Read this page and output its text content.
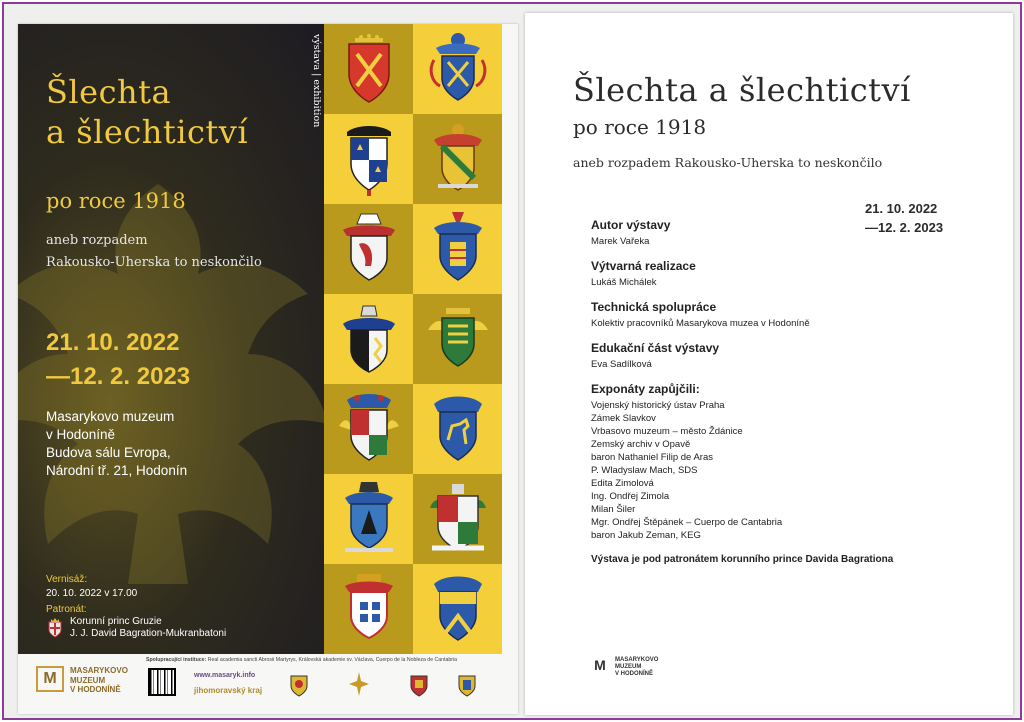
Šlechta
a šlechtictví
po roce 1918
aneb rozpadem
Rakousko-Uherska to neskončilo
21. 10. 2022
—12. 2. 2023
Masarykovo muzeum
v Hodoníně
Budova sálu Evropa,
Národní tř. 21, Hodonín
Vernisáž:
20. 10. 2022 v 17.00
Patronát:
Korunní princ Gruzie
J. J. David Bagration-Mukranbatoni
výstava | exhibition
M	MASARYKOVO
MUZEUM
V HODONÍNĚ
Spolupracující instituce: Real academia sancti Abrosii Martyrys, Královská akademie sv. Václava, Cuerpo de la Nobleza de Cantabria
www.masaryk.info
jihomoravský kraj
Šlechta a šlechtictví
po roce 1918
aneb rozpadem Rakousko-Uherska to neskončilo
21. 10. 2022
—12. 2. 2023
Autor výstavy
Marek Vařeka
Výtvarná realizace
Lukáš Michálek
Technická spolupráce
Kolektiv pracovníků Masarykova muzea v Hodoníně
Edukační část výstavy
Eva Sadílková
Exponáty zapůjčili:
Vojenský historický ústav Praha
Zámek Slavkov
Vrbasovo muzeum – město Ždánice
Zemský archiv v Opavě
baron Nathaniel Filip de Aras
P. Wladyslaw Mach, SDS
Edita Zimolová
Ing. Ondřej Zimola
Milan Šiler
Mgr. Ondřej Štěpánek – Cuerpo de Cantabria
baron Jakub Zeman, KEG
Výstava je pod patronátem korunního prince Davida Bagrationa
M	MASARYKOVO
MUZEUM
V HODONÍNĚ
